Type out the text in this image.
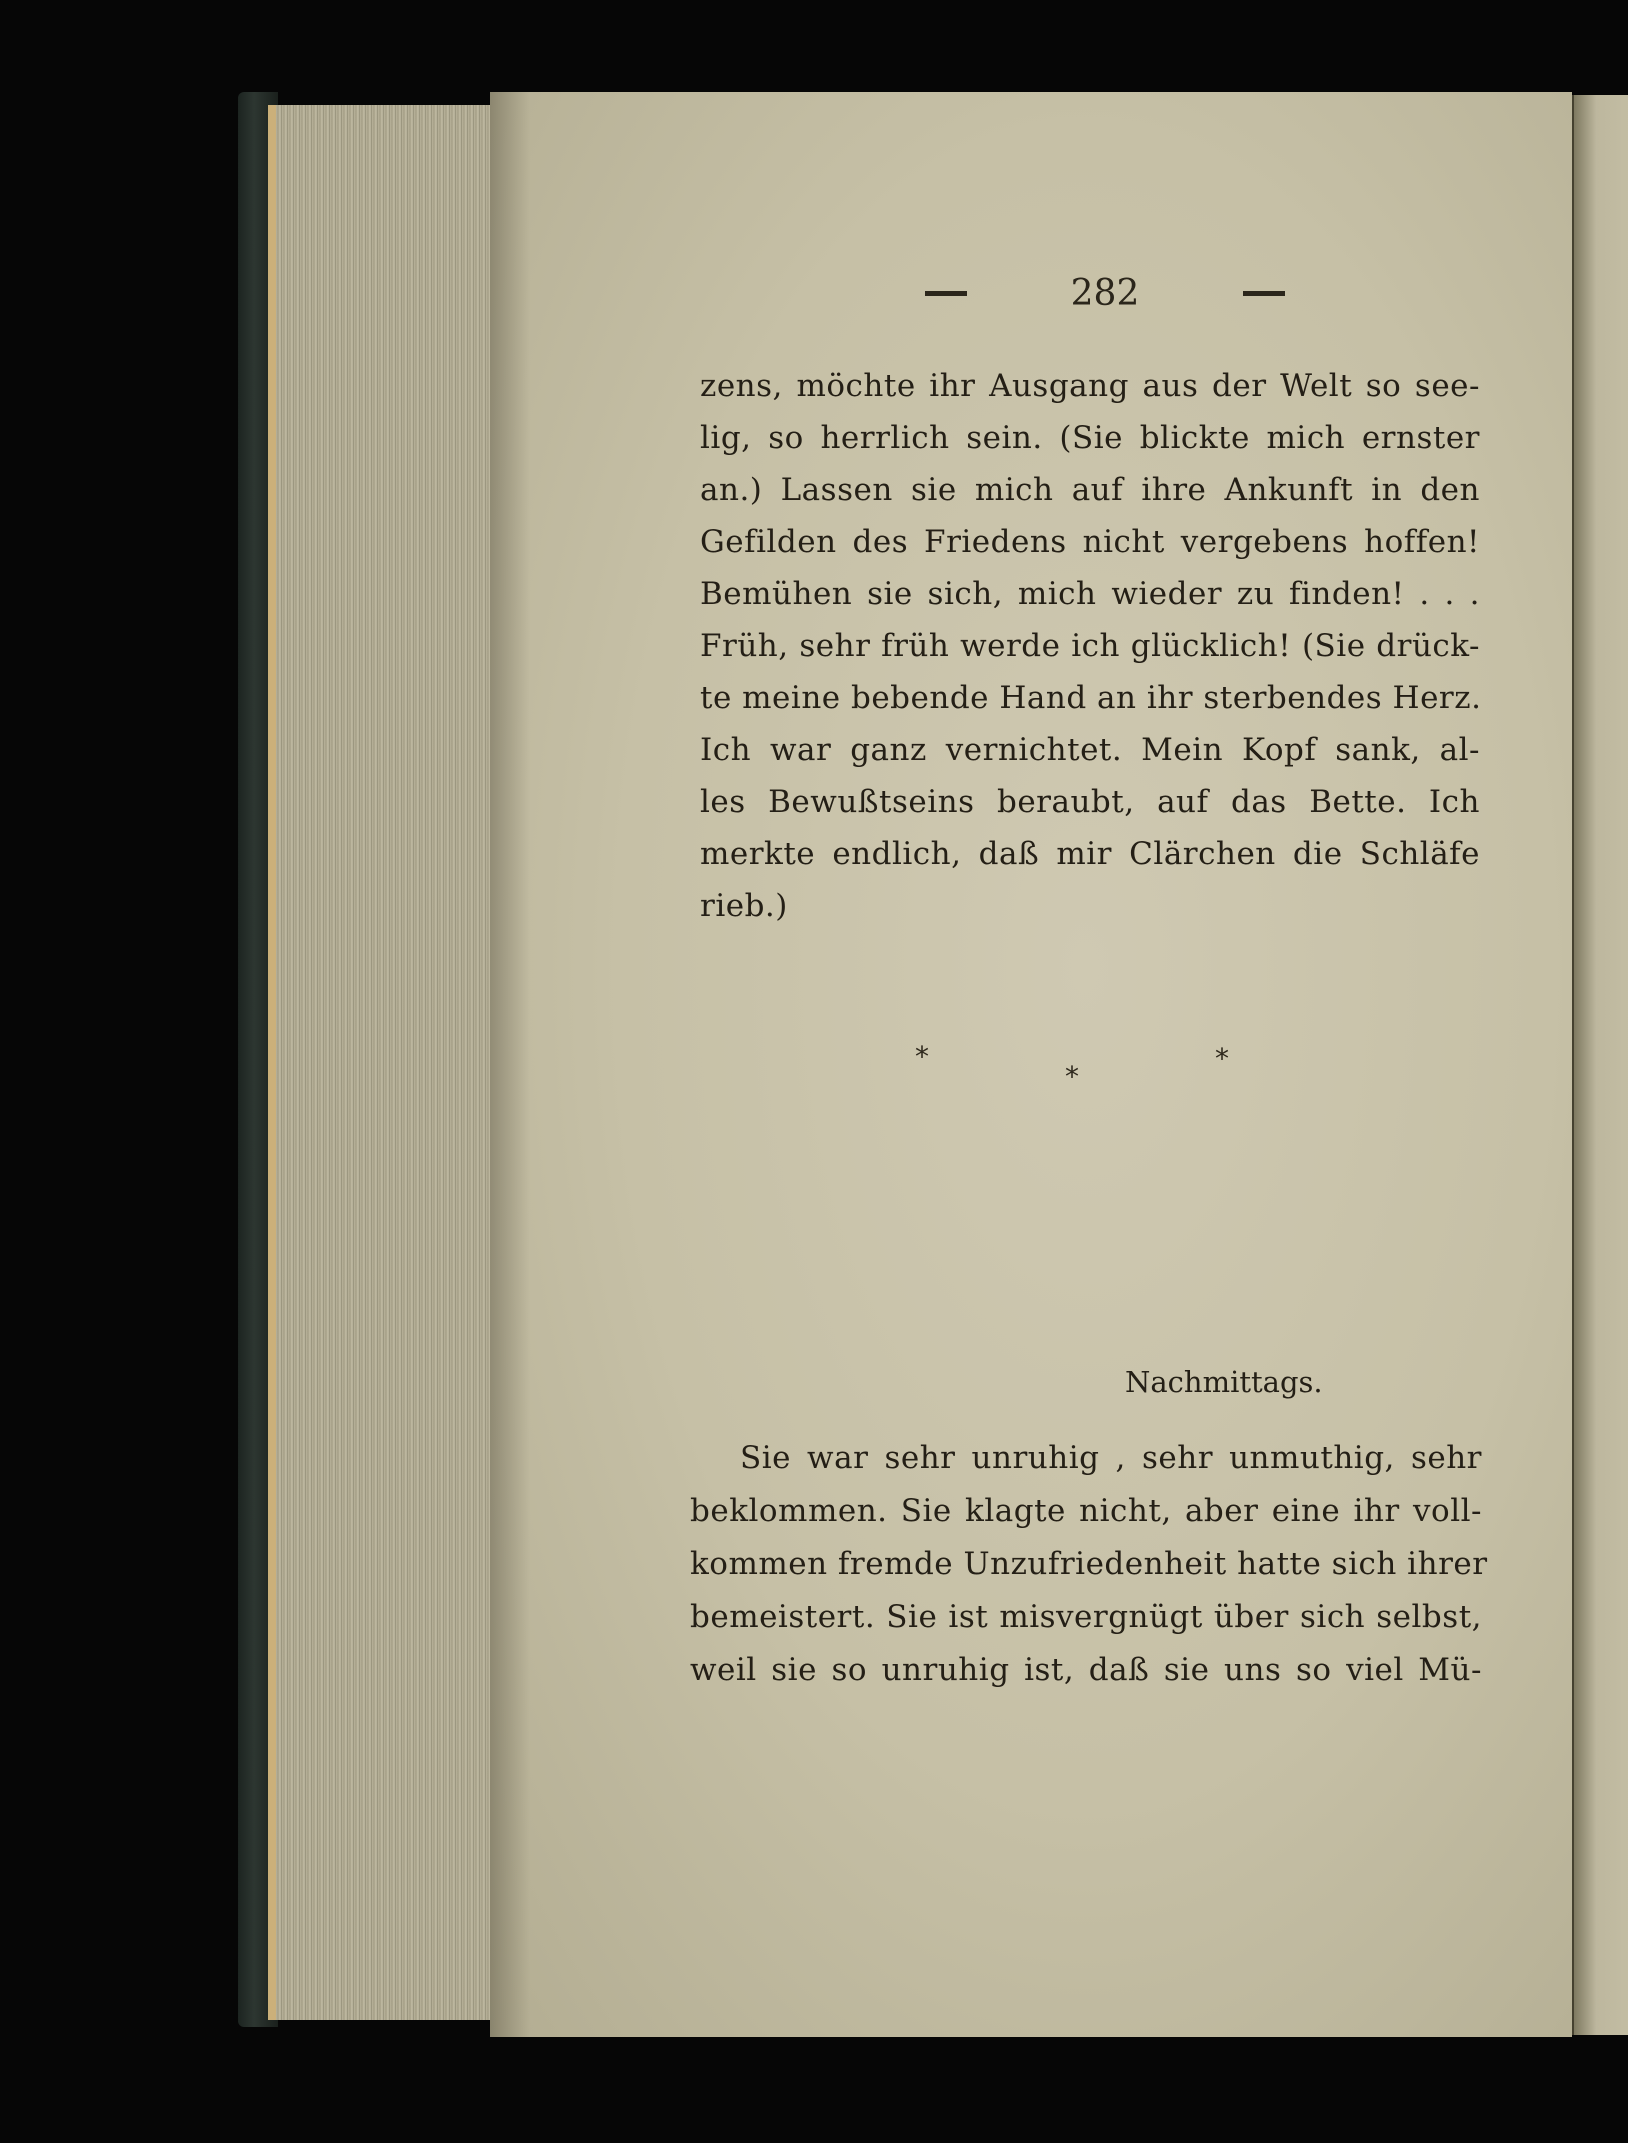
282
zens, möchte ihr Ausgang aus der Welt so see-
lig, so herrlich sein. (Sie blickte mich ernster
an.) Lassen sie mich auf ihre Ankunft in den
Gefilden des Friedens nicht vergebens hoffen!
Bemühen sie sich, mich wieder zu finden! . . .
Früh, sehr früh werde ich glücklich! (Sie drück-
te meine bebende Hand an ihr sterbendes Herz.
Ich war ganz vernichtet. Mein Kopf sank, al-
les Bewußtseins beraubt, auf das Bette. Ich
merkte endlich, daß mir Clärchen die Schläfe
rieb.)
*
*
*
Nachmittags.
Sie war sehr unruhig , sehr unmuthig, sehr
beklommen. Sie klagte nicht, aber eine ihr voll-
kommen fremde Unzufriedenheit hatte sich ihrer
bemeistert. Sie ist misvergnügt über sich selbst,
weil sie so unruhig ist, daß sie uns so viel Mü-
